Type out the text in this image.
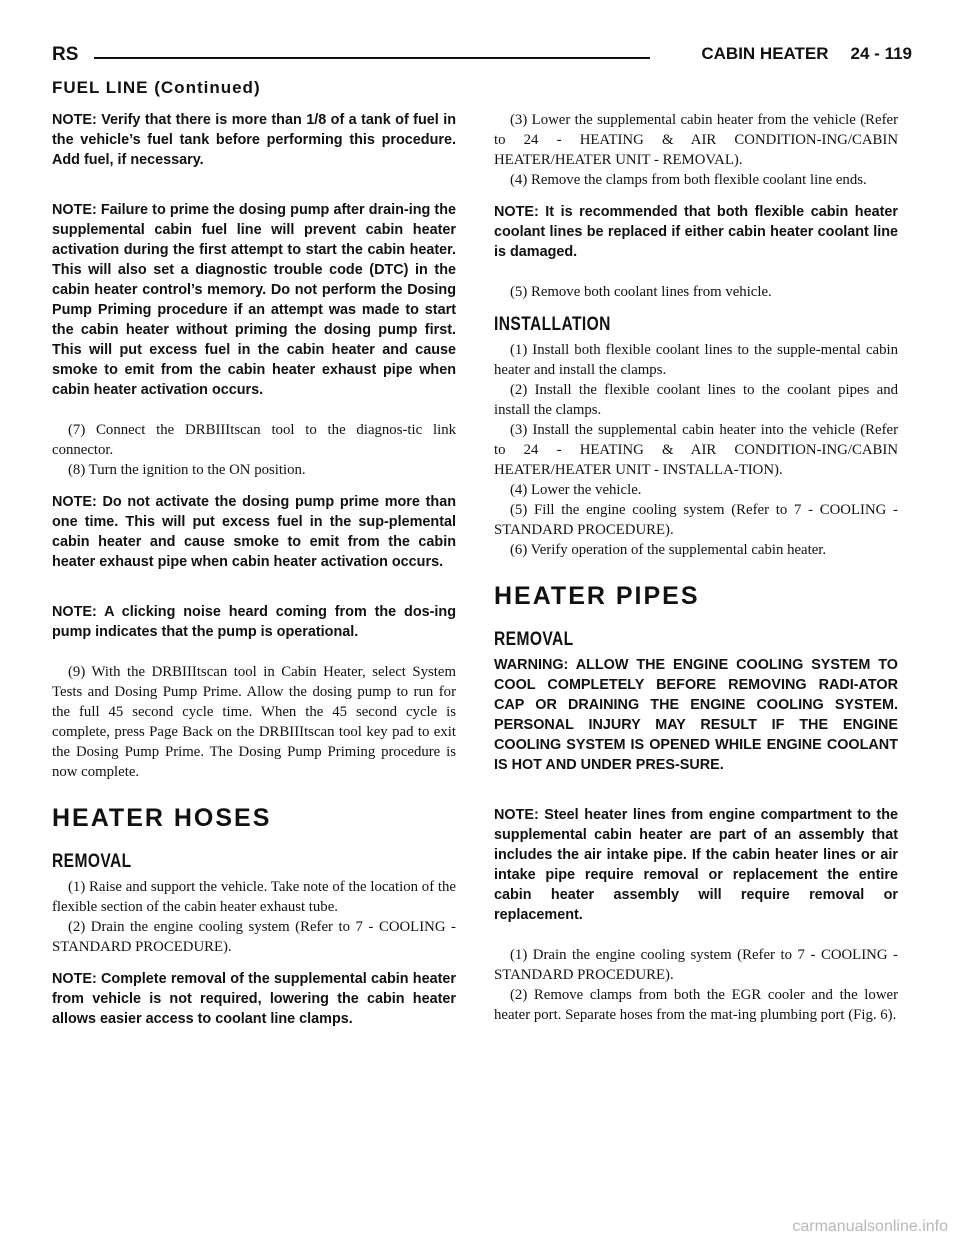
RS	CABIN HEATER 24 - 119
FUEL LINE (Continued)

NOTE: Verify that there is more than 1/8 of a tank of fuel in the vehicle’s fuel tank before performing this procedure. Add fuel, if necessary.

NOTE: Failure to prime the dosing pump after drain-ing the supplemental cabin fuel line will prevent cabin heater activation during the first attempt to start the cabin heater. This will also set a diagnostic trouble code (DTC) in the cabin heater control’s memory. Do not perform the Dosing Pump Priming procedure if an attempt was made to start the cabin heater without priming the dosing pump first. This will put excess fuel in the cabin heater and cause smoke to emit from the cabin heater exhaust pipe when cabin heater activation occurs.

(7) Connect the DRBIIItscan tool to the diagnos-tic link connector.

(8) Turn the ignition to the ON position.

NOTE: Do not activate the dosing pump prime more than one time. This will put excess fuel in the sup-plemental cabin heater and cause smoke to emit from the cabin heater exhaust pipe when cabin heater activation occurs.

NOTE: A clicking noise heard coming from the dos-ing pump indicates that the pump is operational.

(9) With the DRBIIItscan tool in Cabin Heater, select System Tests and Dosing Pump Prime. Allow the dosing pump to run for the full 45 second cycle time. When the 45 second cycle is complete, press Page Back on the DRBIIItscan tool key pad to exit the Dosing Pump Prime. The Dosing Pump Priming procedure is now complete.

HEATER HOSES
REMOVAL

(1) Raise and support the vehicle. Take note of the location of the flexible section of the cabin heater exhaust tube.

(2) Drain the engine cooling system (Refer to 7 - COOLING - STANDARD PROCEDURE).

NOTE: Complete removal of the supplemental cabin heater from vehicle is not required, lowering the cabin heater allows easier access to coolant line clamps.

(3) Lower the supplemental cabin heater from the vehicle (Refer to 24 - HEATING & AIR CONDITION-ING/CABIN HEATER/HEATER UNIT - REMOVAL).

(4) Remove the clamps from both flexible coolant line ends.

NOTE: It is recommended that both flexible cabin heater coolant lines be replaced if either cabin heater coolant line is damaged.

(5) Remove both coolant lines from vehicle.

INSTALLATION

(1) Install both flexible coolant lines to the supple-mental cabin heater and install the clamps.

(2) Install the flexible coolant lines to the coolant pipes and install the clamps.

(3) Install the supplemental cabin heater into the vehicle (Refer to 24 - HEATING & AIR CONDITION-ING/CABIN HEATER/HEATER UNIT - INSTALLA-TION).

(4) Lower the vehicle.

(5) Fill the engine cooling system (Refer to 7 - COOLING - STANDARD PROCEDURE).

(6) Verify operation of the supplemental cabin heater.

HEATER PIPES
REMOVAL

WARNING: ALLOW THE ENGINE COOLING SYSTEM TO COOL COMPLETELY BEFORE REMOVING RADI-ATOR CAP OR DRAINING THE ENGINE COOLING SYSTEM. PERSONAL INJURY MAY RESULT IF THE ENGINE COOLING SYSTEM IS OPENED WHILE ENGINE COOLANT IS HOT AND UNDER PRES-SURE.

NOTE: Steel heater lines from engine compartment to the supplemental cabin heater are part of an assembly that includes the air intake pipe. If the cabin heater lines or air intake pipe require removal or replacement the entire cabin heater assembly will require removal or replacement.

(1) Drain the engine cooling system (Refer to 7 - COOLING - STANDARD PROCEDURE).

(2) Remove clamps from both the EGR cooler and the lower heater port. Separate hoses from the mat-ing plumbing port (Fig. 6).

carmanualsonline.info
